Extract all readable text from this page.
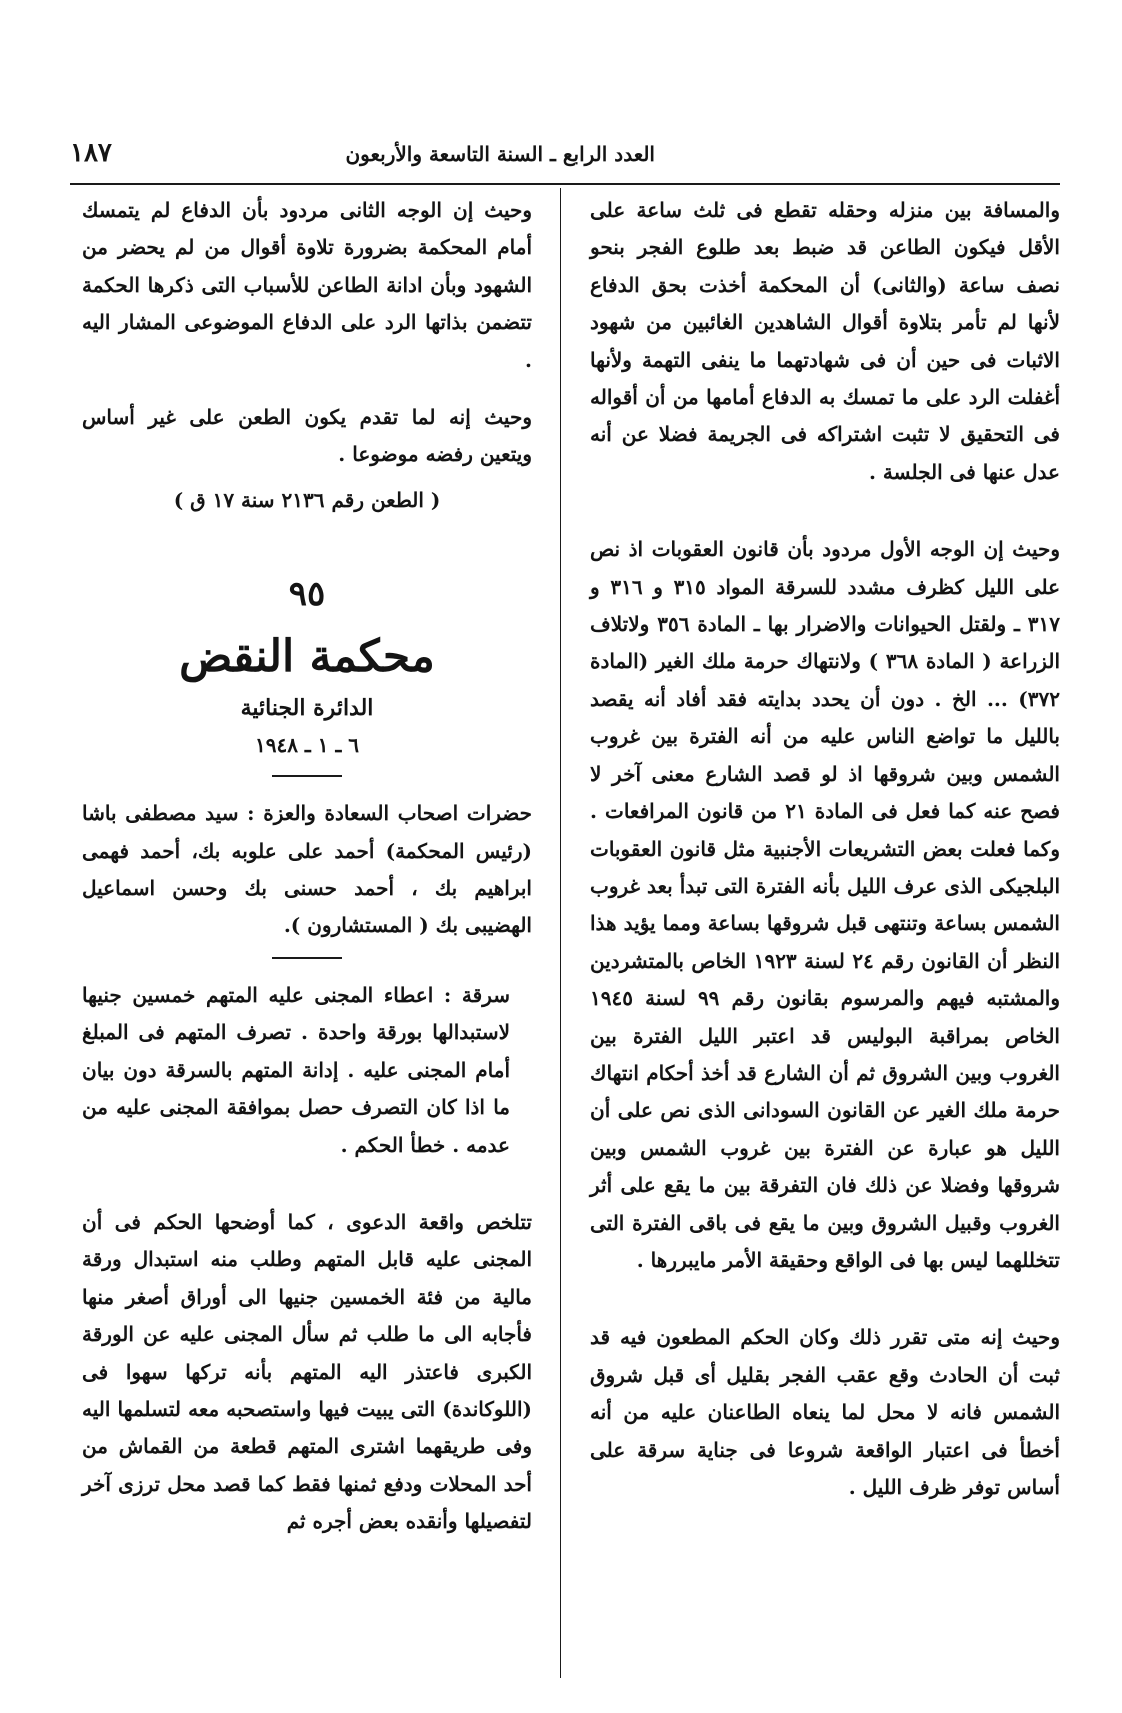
١٨٧	العدد الرابع ـ السنة التاسعة والأربعون

والمسافة بين منزله وحقله تقطع فى ثلث ساعة على الأقل فيكون الطاعن قد ضبط بعد طلوع الفجر بنحو نصف ساعة (والثانى) أن المحكمة أخذت بحق الدفاع لأنها لم تأمر بتلاوة أقوال الشاهدين الغائبين من شهود الاثبات فى حين أن فى شهادتهما ما ينفى التهمة ولأنها أغفلت الرد على ما تمسك به الدفاع أمامها من أن أقواله فى التحقيق لا تثبت اشتراكه فى الجريمة فضلا عن أنه عدل عنها فى الجلسة .

وحيث إن الوجه الأول مردود بأن قانون العقوبات اذ نص على الليل كظرف مشدد للسرقة المواد ٣١٥ و ٣١٦ و ٣١٧ ـ ولقتل الحيوانات والاضرار بها ـ المادة ٣٥٦ ولاتلاف الزراعة ( المادة ٣٦٨ ) ولانتهاك حرمة ملك الغير (المادة ٣٧٢) ... الخ . دون أن يحدد بدايته فقد أفاد أنه يقصد بالليل ما تواضع الناس عليه من أنه الفترة بين غروب الشمس وبين شروقها اذ لو قصد الشارع معنى آخر لا فصح عنه كما فعل فى المادة ٢١ من قانون المرافعات . وكما فعلت بعض التشريعات الأجنبية مثل قانون العقوبات البلجيكى الذى عرف الليل بأنه الفترة التى تبدأ بعد غروب الشمس بساعة وتنتهى قبل شروقها بساعة ومما يؤيد هذا النظر أن القانون رقم ٢٤ لسنة ١٩٢٣ الخاص بالمتشردين والمشتبه فيهم والمرسوم بقانون رقم ٩٩ لسنة ١٩٤٥ الخاص بمراقبة البوليس قد اعتبر الليل الفترة بين الغروب وبين الشروق ثم أن الشارع قد أخذ أحكام انتهاك حرمة ملك الغير عن القانون السودانى الذى نص على أن الليل هو عبارة عن الفترة بين غروب الشمس وبين شروقها وفضلا عن ذلك فان التفرقة بين ما يقع على أثر الغروب وقبيل الشروق وبين ما يقع فى باقى الفترة التى تتخللهما ليس بها فى الواقع وحقيقة الأمر مايبررها .

وحيث إنه متى تقرر ذلك وكان الحكم المطعون فيه قد ثبت أن الحادث وقع عقب الفجر بقليل أى قبل شروق الشمس فانه لا محل لما ينعاه الطاعنان عليه من أنه أخطأ فى اعتبار الواقعة شروعا فى جناية سرقة على أساس توفر ظرف الليل .

وحيث إن الوجه الثانى مردود بأن الدفاع لم يتمسك أمام المحكمة بضرورة تلاوة أقوال من لم يحضر من الشهود وبأن ادانة الطاعن للأسباب التى ذكرها الحكمة تتضمن بذاتها الرد على الدفاع الموضوعى المشار اليه .

وحيث إنه لما تقدم يكون الطعن على غير أساس ويتعين رفضه موضوعا .

( الطعن رقم ٢١٣٦ سنة ١٧ ق )
٩٥
محكمة النقض
الدائرة الجنائية
٦ ـ ١ ـ ١٩٤٨

حضرات اصحاب السعادة والعزة : سيد مصطفى باشا (رئيس المحكمة) أحمد على علوبه بك، أحمد فهمى ابراهيم بك ، أحمد حسنى بك وحسن اسماعيل الهضيبى بك ( المستشارون ).

سرقة : اعطاء المجنى عليه المتهم خمسين جنيها لاستبدالها بورقة واحدة . تصرف المتهم فى المبلغ أمام المجنى عليه . إدانة المتهم بالسرقة دون بيان ما اذا كان التصرف حصل بموافقة المجنى عليه من عدمه . خطأ الحكم .

تتلخص واقعة الدعوى ، كما أوضحها الحكم فى أن المجنى عليه قابل المتهم وطلب منه استبدال ورقة مالية من فئة الخمسين جنيها الى أوراق أصغر منها فأجابه الى ما طلب ثم سأل المجنى عليه عن الورقة الكبرى فاعتذر اليه المتهم بأنه تركها سهوا فى (اللوكاندة) التى يبيت فيها واستصحبه معه لتسلمها اليه وفى طريقهما اشترى المتهم قطعة من القماش من أحد المحلات ودفع ثمنها فقط كما قصد محل ترزى آخر لتفصيلها وأنقده بعض أجره ثم
